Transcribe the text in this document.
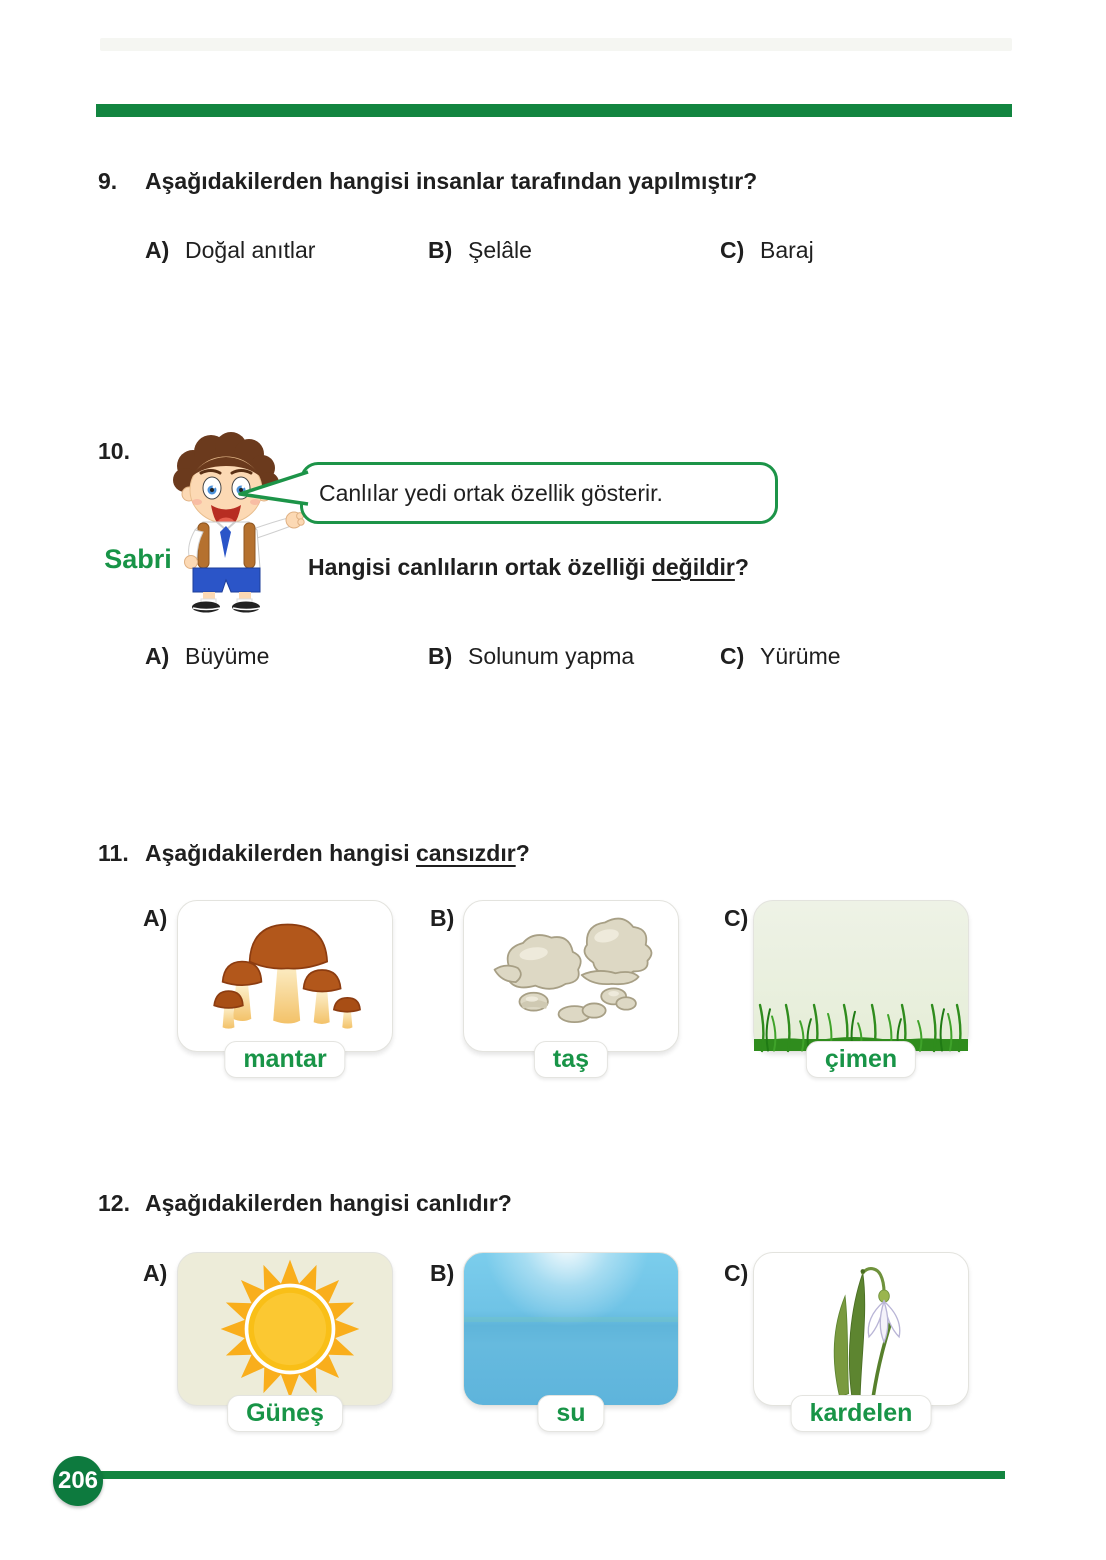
9.	Aşağıdakilerden hangisi insanlar tarafından yapılmıştır?
A) Doğal anıtlar	B) Şelâle	C) Baraj
10.
Sabri
Canlılar yedi ortak özellik gösterir.
Hangisi canlıların ortak özelliği değildir?
A) Büyüme	B) Solunum yapma	C) Yürüme
11. Aşağıdakilerden hangisi cansızdır?
A)	B)	C)
mantar	taş	çimen
12. Aşağıdakilerden hangisi canlıdır?
A)	B)	C)
Güneş	su	kardelen
206
